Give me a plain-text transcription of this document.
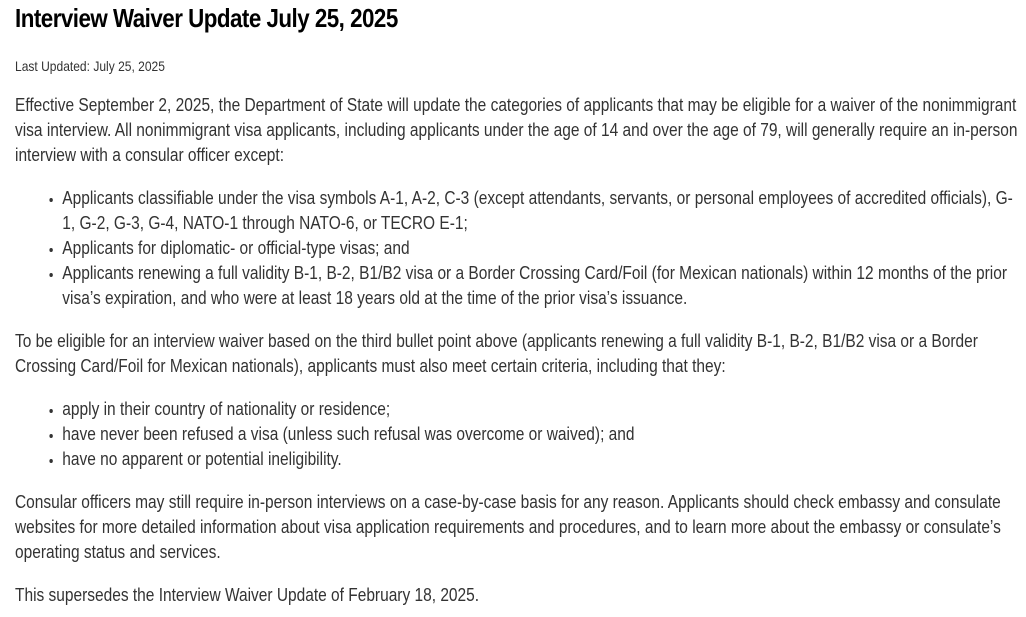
Interview Waiver Update July 25, 2025
Last Updated: July 25, 2025

Effective September 2, 2025, the Department of State will update the categories of applicants that may be eligible for a waiver of the nonimmigrant visa interview. All nonimmigrant visa applicants, including applicants under the age of 14 and over the age of 79, will generally require an in-person interview with a consular officer except:

• Applicants classifiable under the visa symbols A-1, A-2, C-3 (except attendants, servants, or personal employees of accredited officials), G-1, G-2, G-3, G-4, NATO-1 through NATO-6, or TECRO E-1;
• Applicants for diplomatic- or official-type visas; and
• Applicants renewing a full validity B-1, B-2, B1/B2 visa or a Border Crossing Card/Foil (for Mexican nationals) within 12 months of the prior visa’s expiration, and who were at least 18 years old at the time of the prior visa’s issuance.

To be eligible for an interview waiver based on the third bullet point above (applicants renewing a full validity B-1, B-2, B1/B2 visa or a Border Crossing Card/Foil for Mexican nationals), applicants must also meet certain criteria, including that they:

• apply in their country of nationality or residence;
• have never been refused a visa (unless such refusal was overcome or waived); and
• have no apparent or potential ineligibility.

Consular officers may still require in-person interviews on a case-by-case basis for any reason. Applicants should check embassy and consulate websites for more detailed information about visa application requirements and procedures, and to learn more about the embassy or consulate’s operating status and services.

This supersedes the Interview Waiver Update of February 18, 2025.
